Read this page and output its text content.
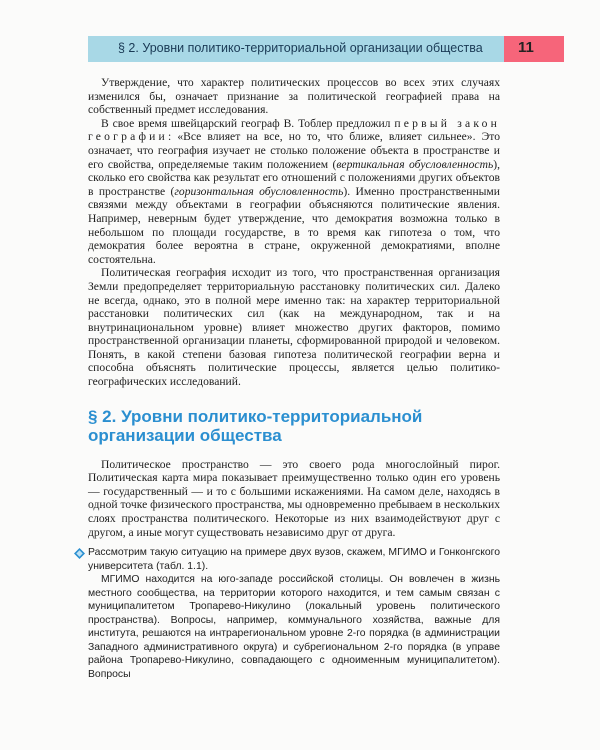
§ 2. Уровни политико-территориальной организации общества 11

Утверждение, что характер политических процессов во всех этих случаях изменился бы, означает признание за политической географией права на собственный предмет исследования.

В свое время швейцарский географ В. Тоблер предложил первый закон географии: «Все влияет на все, но то, что ближе, влияет сильнее». Это означает, что география изучает не столько положение объекта в пространстве и его свойства, определяемые таким положением (вертикальная обусловленность), сколько его свойства как результат его отношений с положениями других объектов в пространстве (горизонтальная обусловленность). Именно пространственными связями между объектами в географии объясняются политические явления. Например, неверным будет утверждение, что демократия возможна только в небольшом по площади государстве, в то время как гипотеза о том, что демократия более вероятна в стране, окруженной демократиями, вполне состоятельна.

Политическая география исходит из того, что пространственная организация Земли предопределяет территориальную расстановку политических сил. Далеко не всегда, однако, это в полной мере именно так: на характер территориальной расстановки политических сил (как на международном, так и на внутринациональном уровне) влияет множество других факторов, помимо пространственной организации планеты, сформированной природой и человеком. Понять, в какой степени базовая гипотеза политической географии верна и способна объяснять политические процессы, является целью политико-географических исследований.

§ 2. Уровни политико-территориальной
организации общества

Политическое пространство — это своего рода многослойный пирог. Политическая карта мира показывает преимущественно только один его уровень — государственный — и то с большими искажениями. На самом деле, находясь в одной точке физического пространства, мы одновременно пребываем в нескольких слоях пространства политического. Некоторые из них взаимодействуют друг с другом, а иные могут существовать независимо друг от друга.

Рассмотрим такую ситуацию на примере двух вузов, скажем, МГИМО и Гонконгского университета (табл. 1.1).

МГИМО находится на юго-западе российской столицы. Он вовлечен в жизнь местного сообщества, на территории которого находится, и тем самым связан с муниципалитетом Тропарево-Никулино (локальный уровень политического пространства). Вопросы, например, коммунального хозяйства, важные для института, решаются на интрарегиональном уровне 2-го порядка (в администрации Западного административного округа) и субрегиональном 2-го порядка (в управе района Тропарево-Никулино, совпадающего с одноименным муниципалитетом). Вопросы
